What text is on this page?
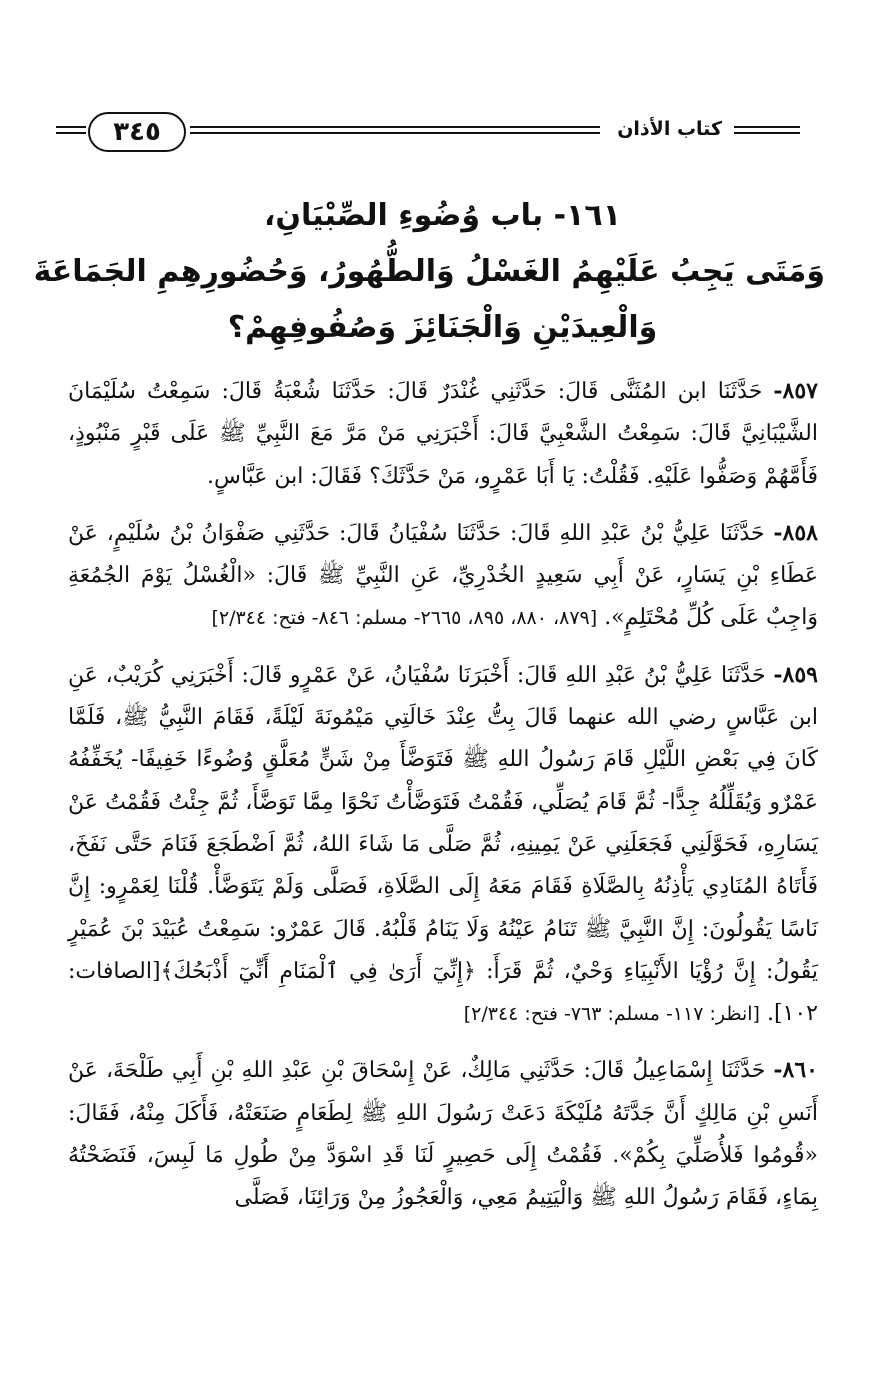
كتاب الأذان
٣٤٥
١٦١- باب وُضُوءِ الصِّبْيَانِ،
وَمَتَى يَجِبُ عَلَيْهِمُ الغَسْلُ وَالطُّهُورُ، وَحُضُورِهِمِ الجَمَاعَةَ
وَالْعِيدَيْنِ وَالْجَنَائِزَ وَصُفُوفِهِمْ؟

٨٥٧- حَدَّثَنَا ابن المُثَنَّى قَالَ: حَدَّثَنِي غُنْدَرٌ قَالَ: حَدَّثَنَا شُعْبَةُ قَالَ: سَمِعْتُ سُلَيْمَانَ الشَّيْبَانِيَّ قَالَ: سَمِعْتُ الشَّعْبِيَّ قَالَ: أَخْبَرَنِي مَنْ مَرَّ مَعَ النَّبِيِّ ﷺ عَلَى قَبْرٍ مَنْبُوذٍ، فَأَمَّهُمْ وَصَفُّوا عَلَيْهِ. فَقُلْتُ: يَا أَبَا عَمْرٍو، مَنْ حَدَّثَكَ؟ فَقَالَ: ابن عَبَّاسٍ.

٨٥٨- حَدَّثَنَا عَلِيُّ بْنُ عَبْدِ اللهِ قَالَ: حَدَّثَنَا سُفْيَانُ قَالَ: حَدَّثَنِي صَفْوَانُ بْنُ سُلَيْمٍ، عَنْ عَطَاءِ بْنِ يَسَارٍ، عَنْ أَبِي سَعِيدٍ الخُدْرِيِّ، عَنِ النَّبِيِّ ﷺ قَالَ: «الْغُسْلُ يَوْمَ الجُمُعَةِ وَاجِبٌ عَلَى كُلِّ مُحْتَلِمٍ». [٨٧٩، ٨٨٠، ٨٩٥، ٢٦٦٥- مسلم: ٨٤٦- فتح: ٢/٣٤٤]

٨٥٩- حَدَّثَنَا عَلِيُّ بْنُ عَبْدِ اللهِ قَالَ: أَخْبَرَنَا سُفْيَانُ، عَنْ عَمْرٍو قَالَ: أَخْبَرَنِي كُرَيْبٌ، عَنِ ابن عَبَّاسٍ رضي الله عنهما قَالَ بِتُّ عِنْدَ خَالَتِي مَيْمُونَةَ لَيْلَةً، فَقَامَ النَّبِيُّ ﷺ، فَلَمَّا كَانَ فِي بَعْضِ اللَّيْلِ قَامَ رَسُولُ اللهِ ﷺ فَتَوَضَّأَ مِنْ شَنٍّ مُعَلَّقٍ وُضُوءًا خَفِيفًا- يُخَفِّفُهُ عَمْرٌو وَيُقَلِّلُهُ جِدًّا- ثُمَّ قَامَ يُصَلِّي، فَقُمْتُ فَتَوَضَّأْتُ نَحْوًا مِمَّا تَوَضَّأَ، ثُمَّ جِئْتُ فَقُمْتُ عَنْ يَسَارِهِ، فَحَوَّلَنِي فَجَعَلَنِي عَنْ يَمِينِهِ، ثُمَّ صَلَّى مَا شَاءَ اللهُ، ثُمَّ اَضْطَجَعَ فَنَامَ حَتَّى نَفَخَ، فَأَتَاهُ المُنَادِي يَأْذِنُهُ بِالصَّلَاةِ فَقَامَ مَعَهُ إِلَى الصَّلَاةِ، فَصَلَّى وَلَمْ يَتَوَضَّأْ. قُلْنَا لِعَمْرٍو: إِنَّ نَاسًا يَقُولُونَ: إِنَّ النَّبِيَّ ﷺ تَنَامُ عَيْنُهُ وَلَا يَنَامُ قَلْبُهُ. قَالَ عَمْرٌو: سَمِعْتُ عُبَيْدَ بْنَ عُمَيْرٍ يَقُولُ: إِنَّ رُؤْيَا الأَنْبِيَاءِ وَحْيٌ، ثُمَّ قَرَأَ: ﴿إِنِّيٓ أَرَىٰ فِي ٱلْمَنَامِ أَنِّيٓ أَذْبَحُكَ﴾[الصافات: ١٠٢]. [انظر: ١١٧- مسلم: ٧٦٣- فتح: ٢/٣٤٤]

٨٦٠- حَدَّثَنَا إِسْمَاعِيلُ قَالَ: حَدَّثَنِي مَالِكٌ، عَنْ إِسْحَاقَ بْنِ عَبْدِ اللهِ بْنِ أَبِي طَلْحَةَ، عَنْ أَنَسِ بْنِ مَالِكٍ أَنَّ جَدَّتَهُ مُلَيْكَةَ دَعَتْ رَسُولَ اللهِ ﷺ لِطَعَامٍ صَنَعَتْهُ، فَأَكَلَ مِنْهُ، فَقَالَ: «قُومُوا فَلأُصَلِّيَ بِكُمْ». فَقُمْتُ إِلَى حَصِيرٍ لَنَا قَدِ اسْوَدَّ مِنْ طُولِ مَا لَبِسَ، فَنَضَحْتُهُ بِمَاءٍ، فَقَامَ رَسُولُ اللهِ ﷺ وَالْيَتِيمُ مَعِي، وَالْعَجُوزُ مِنْ وَرَائِنَا، فَصَلَّى
